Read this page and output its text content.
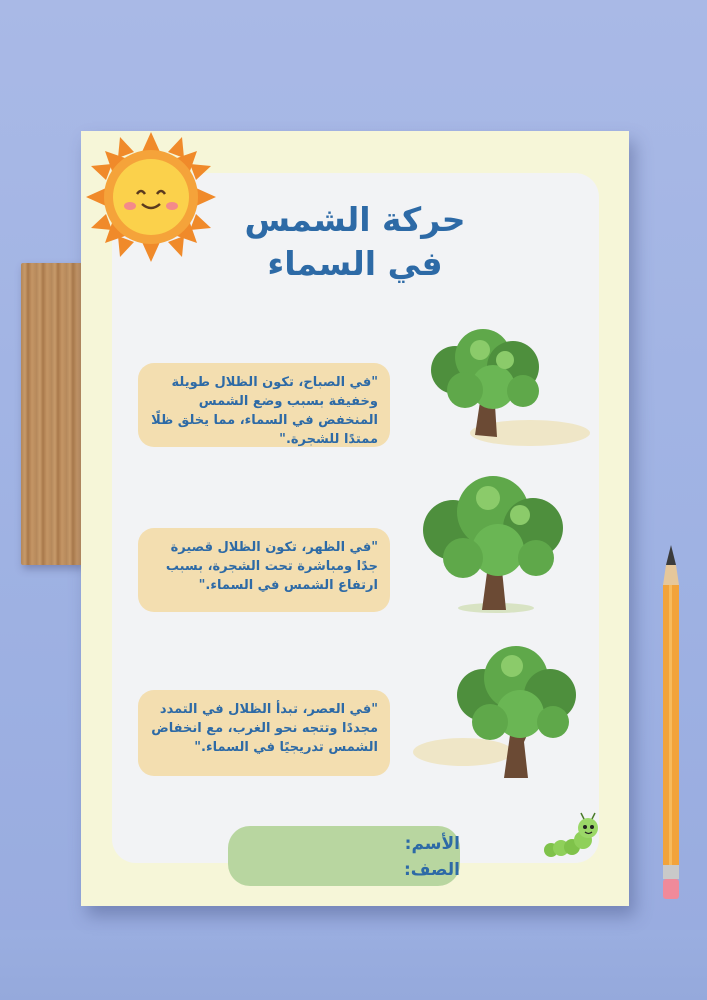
حركة الشمس
في السماء
"في الصباح، تكون الظلال طويلة وخفيفة بسبب وضع الشمس المنخفض في السماء، مما يخلق ظلًا ممتدًا للشجرة."
"في الظهر، تكون الظلال قصيرة جدًا ومباشرة تحت الشجرة، بسبب ارتفاع الشمس في السماء."
"في العصر، تبدأ الظلال في التمدد مجددًا وتتجه نحو الغرب، مع انخفاض الشمس تدريجيًا في السماء."
الأسم:
الصف:
